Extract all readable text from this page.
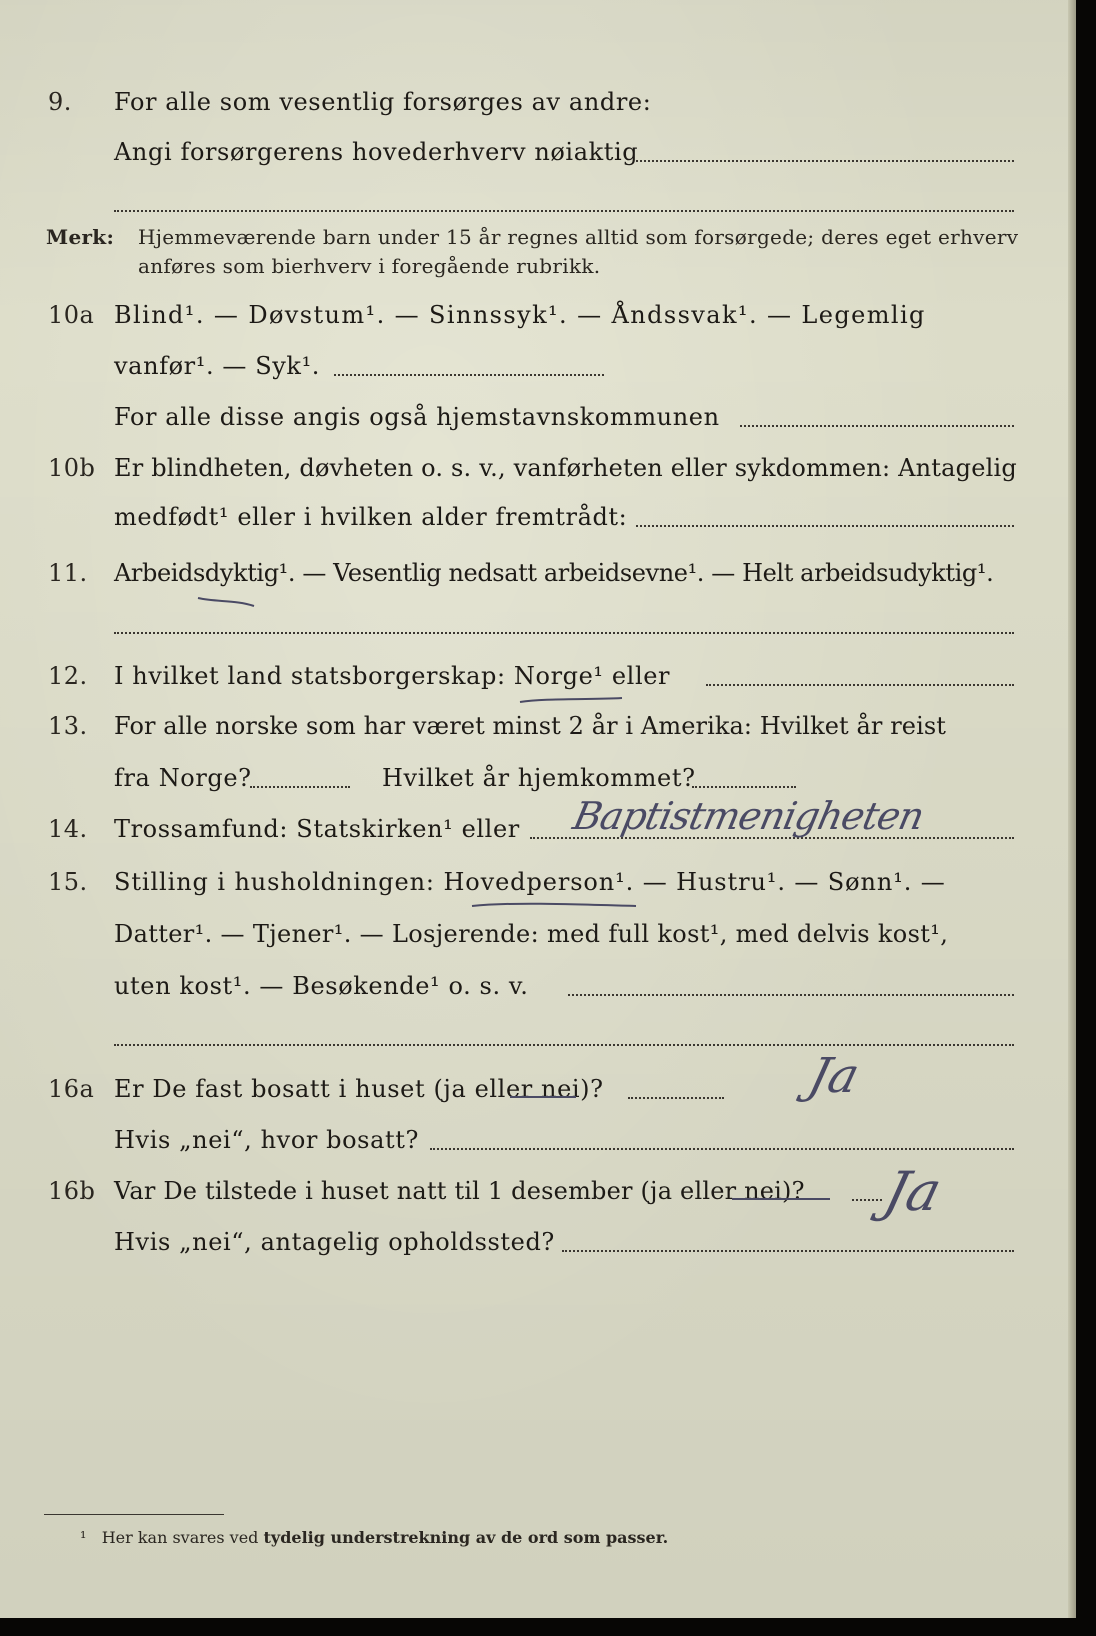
9. For alle som vesentlig forsørges av andre:
Angi forsørgerens hovederhverv nøiaktig
Merk: Hjemmeværende barn under 15 år regnes alltid som forsørgede; deres eget erhverv
anføres som bierhverv i foregående rubrikk.
10a Blind¹. — Døvstum¹. — Sinnssyk¹. — Åndssvak¹. — Legemlig
vanfør¹. — Syk¹.
For alle disse angis også hjemstavnskommunen
10b Er blindheten, døvheten o. s. v., vanførheten eller sykdommen: Antagelig
medfødt¹ eller i hvilken alder fremtrådt:
11. Arbeidsdyktig¹. — Vesentlig nedsatt arbeidsevne¹. — Helt arbeidsudyktig¹.
12. I hvilket land statsborgerskap: Norge¹ eller
13. For alle norske som har været minst 2 år i Amerika: Hvilket år reist
fra Norge?	Hvilket år hjemkommet?
14. Trossamfund: Statskirken¹ eller Baptistmenigheten
15. Stilling i husholdningen: Hovedperson¹. — Hustru¹. — Sønn¹. —
Datter¹. — Tjener¹. — Losjerende: med full kost¹, med delvis kost¹,
uten kost¹. — Besøkende¹ o. s. v.
16a Er De fast bosatt i huset (ja eller nei)?	Ja
Hvis „nei“, hvor bosatt?
16b Var De tilstede i huset natt til 1 desember (ja eller nei)? Ja
Hvis „nei“, antagelig opholdssted?
¹ Her kan svares ved tydelig understrekning av de ord som passer.
